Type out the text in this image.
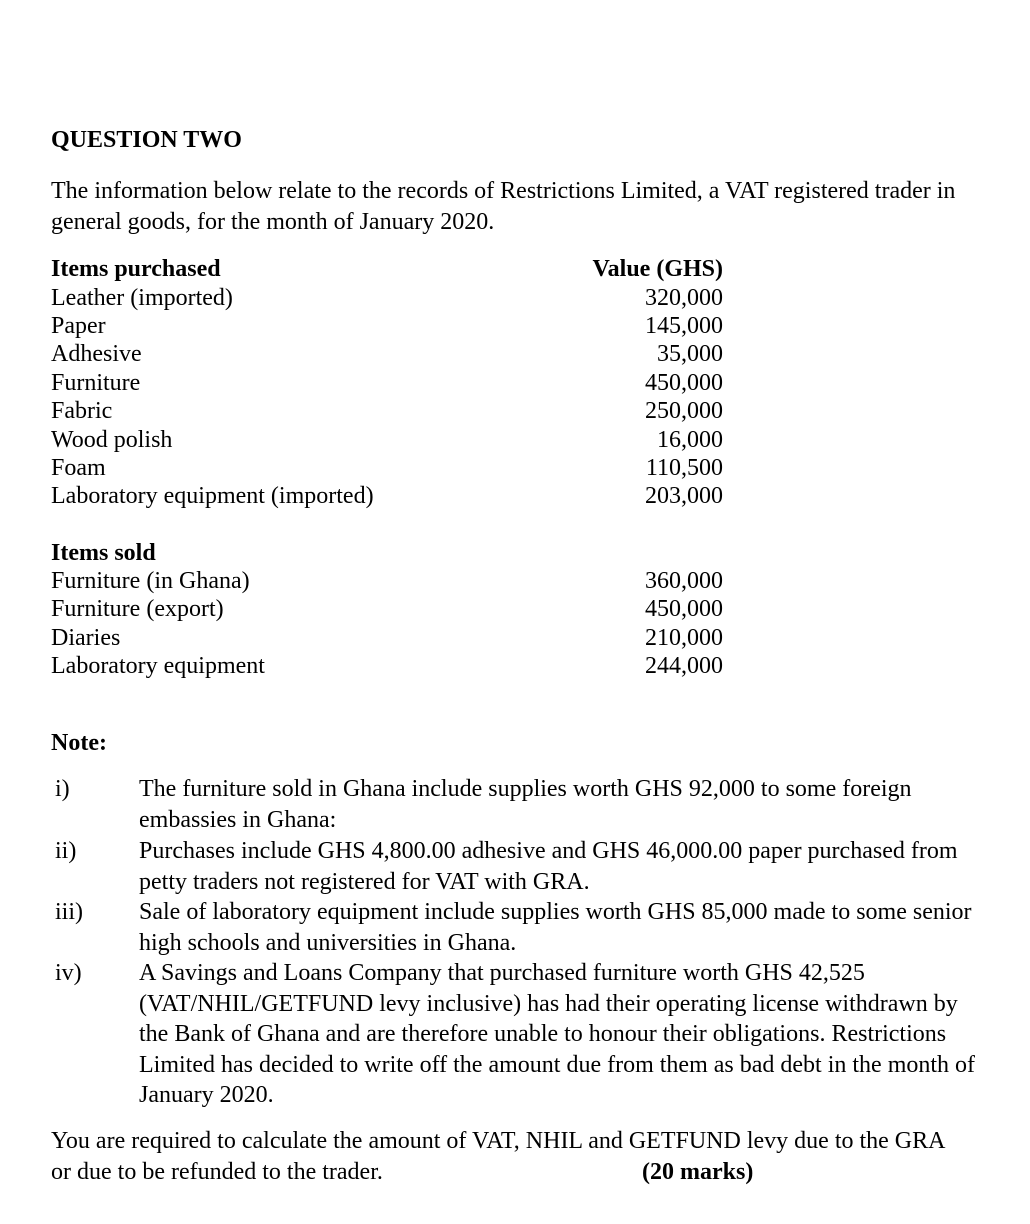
QUESTION TWO
The information below relate to the records of Restrictions Limited, a VAT registered trader in general goods, for the month of January 2020.
Items purchased	Value (GHS)
Leather (imported)	320,000
Paper	145,000
Adhesive	35,000
Furniture	450,000
Fabric	250,000
Wood polish	16,000
Foam	110,500
Laboratory equipment (imported)	203,000
Items sold
Furniture (in Ghana)	360,000
Furniture (export)	450,000
Diaries	210,000
Laboratory equipment	244,000
Note:
i)	The furniture sold in Ghana include supplies worth GHS 92,000 to some foreign embassies in Ghana:
ii)	Purchases include GHS 4,800.00 adhesive and GHS 46,000.00 paper purchased from petty traders not registered for VAT with GRA.
iii) Sale of laboratory equipment include supplies worth GHS 85,000 made to some senior high schools and universities in Ghana.
iv) A Savings and Loans Company that purchased furniture worth GHS 42,525 (VAT/NHIL/GETFUND levy inclusive) has had their operating license withdrawn by the Bank of Ghana and are therefore unable to honour their obligations. Restrictions Limited has decided to write off the amount due from them as bad debt in the month of January 2020.
You are required to calculate the amount of VAT, NHIL and GETFUND levy due to the GRA or due to be refunded to the trader.	(20 marks)
